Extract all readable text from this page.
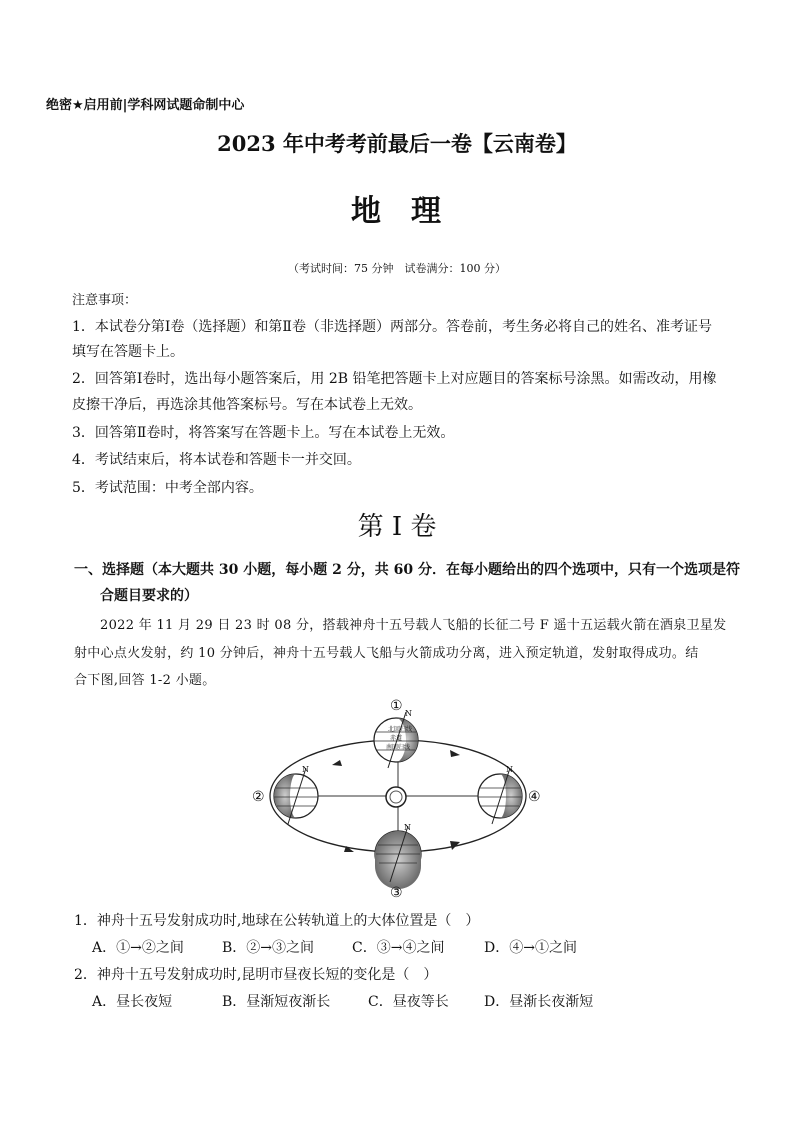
绝密★启用前|学科网试题命制中心
2023 年中考考前最后一卷【云南卷】
地 理
（考试时间：75 分钟　试卷满分：100 分）
注意事项：
1．本试卷分第Ⅰ卷（选择题）和第Ⅱ卷（非选择题）两部分。答卷前，考生务必将自己的姓名、准考证号
填写在答题卡上。
2．回答第Ⅰ卷时，选出每小题答案后，用 2B 铅笔把答题卡上对应题目的答案标号涂黑。如需改动，用橡
皮擦干净后，再选涂其他答案标号。写在本试卷上无效。
3．回答第Ⅱ卷时，将答案写在答题卡上。写在本试卷上无效。
4．考试结束后，将本试卷和答题卡一并交回。
5．考试范围：中考全部内容。
第 I 卷
一、选择题（本大题共 30 小题，每小题 2 分，共 60 分．在每小题给出的四个选项中，只有一个选项是符
合题目要求的）
2022 年 11 月 29 日 23 时 08 分，搭载神舟十五号载人飞船的长征二号 F 遥十五运载火箭在酒泉卫星发
射中心点火发射，约 10 分钟后，神舟十五号载人飞船与火箭成功分离，进入预定轨道，发射取得成功。结
合下图,回答 1-2 小题。
北回归线
赤道
南回归线
N
N
N
N
①
②
③
④
1．神舟十五号发射成功时,地球在公转轨道上的大体位置是（　）
A．①→②之间	B．②→③之间	C．③→④之间	D．④→①之间
2．神舟十五号发射成功时,昆明市昼夜长短的变化是（　）
A．昼长夜短	B．昼渐短夜渐长	C．昼夜等长	D．昼渐长夜渐短
